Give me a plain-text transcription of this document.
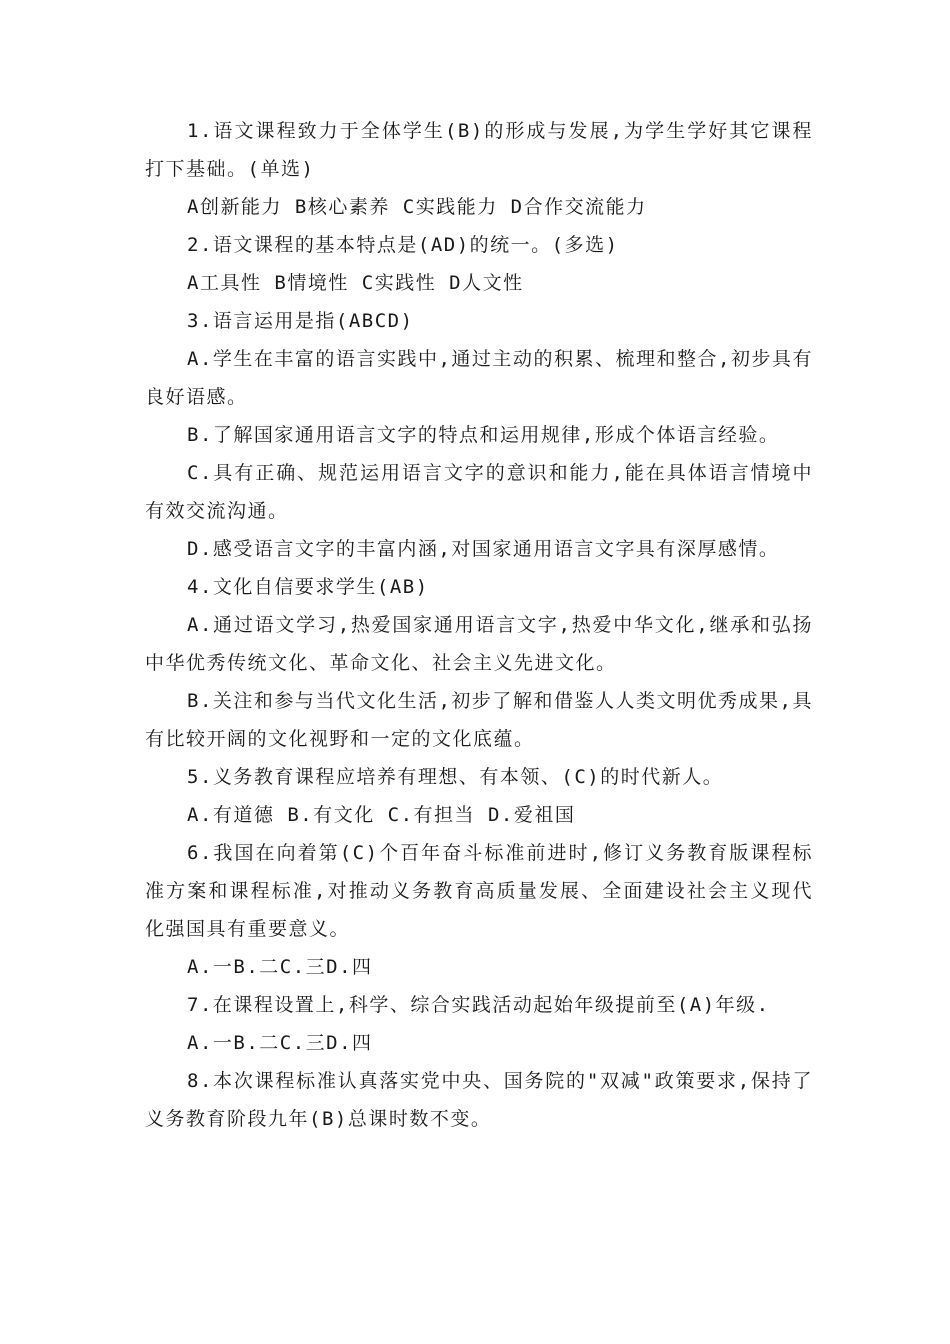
1.语文课程致力于全体学生(B)的形成与发展,为学生学好其它课程打下基础。(单选)

A创新能力 B核心素养 C实践能力 D合作交流能力

2.语文课程的基本特点是(AD)的统一。(多选)

A工具性 B情境性 C实践性 D人文性

3.语言运用是指(ABCD)

A.学生在丰富的语言实践中,通过主动的积累、梳理和整合,初步具有良好语感。

B.了解国家通用语言文字的特点和运用规律,形成个体语言经验。

C.具有正确、规范运用语言文字的意识和能力,能在具体语言情境中有效交流沟通。

D.感受语言文字的丰富内涵,对国家通用语言文字具有深厚感情。

4.文化自信要求学生(AB)

A.通过语文学习,热爱国家通用语言文字,热爱中华文化,继承和弘扬中华优秀传统文化、革命文化、社会主义先进文化。

B.关注和参与当代文化生活,初步了解和借鉴人人类文明优秀成果,具有比较开阔的文化视野和一定的文化底蕴。

5.义务教育课程应培养有理想、有本领、(C)的时代新人。

A.有道德 B.有文化 C.有担当 D.爱祖国

6.我国在向着第(C)个百年奋斗标准前进时,修订义务教育版课程标准方案和课程标准,对推动义务教育高质量发展、全面建设社会主义现代化强国具有重要意义。

A.一B.二C.三D.四

7.在课程设置上,科学、综合实践活动起始年级提前至(A)年级.

A.一B.二C.三D.四

8.本次课程标准认真落实党中央、国务院的"双减"政策要求,保持了义务教育阶段九年(B)总课时数不变。
